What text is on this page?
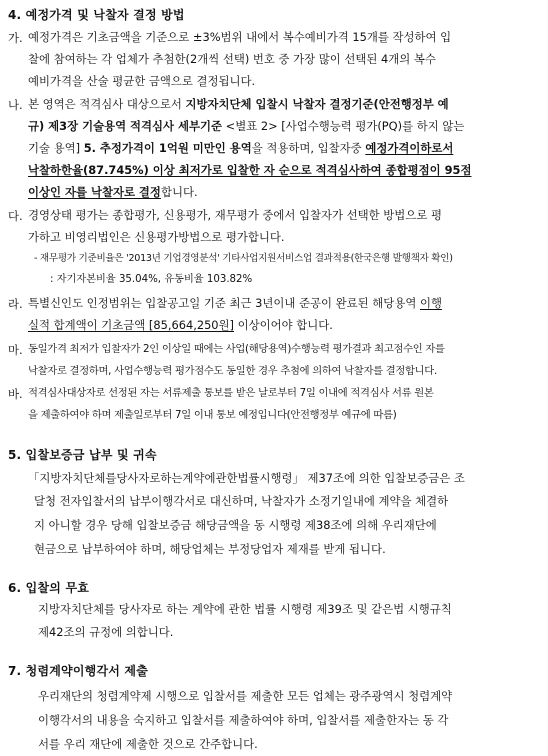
4. 예정가격 및 낙찰자 결정 방법
가. 예정가격은 기초금액을 기준으로 ±3%범위 내에서 복수예비가격 15개를 작성하여 입
찰에 참여하는 각 업체가 추첨한(2개씩 선택) 번호 중 가장 많이 선택된 4개의 복수
예비가격을 산술 평균한 금액으로 결정됩니다.
나. 본 영역은 적격심사 대상으로서 지방자치단체 입찰시 낙찰자 결정기준(안전행정부 예
규) 제3장 기술용역 적격심사 세부기준 <별표 2> [사업수행능력 평가(PQ)를 하지 않는
기술 용역] 5. 추정가격이 1억원 미만인 용역을 적용하며, 입찰자중 예정가격이하로서
낙찰하한율(87.745%) 이상 최저가로 입찰한 자 순으로 적격심사하여 종합평점이 95점
이상인 자를 낙찰자로 결정합니다.
다. 경영상태 평가는 종합평가, 신용평가, 재무평가 중에서 입찰자가 선택한 방법으로 평
가하고 비영리법인은 신용평가방법으로 평가합니다.
- 재무평가 기준비율은 '2013년 기업경영분석' 기타사업지원서비스업 결과적용(한국은행 발행책자 확인)
: 자기자본비율 35.04%, 유동비율 103.82%
라. 특별신인도 인정범위는 입찰공고일 기준 최근 3년이내 준공이 완료된 해당용역 이행
실적 합계액이 기초금액 [85,664,250원] 이상이어야 합니다.
마. 동일가격 최저가 입찰자가 2인 이상일 때에는 사업(해당용역)수행능력 평가결과 최고점수인 자를
낙찰자로 결정하며, 사업수행능력 평가점수도 동일한 경우 추첨에 의하여 낙찰자를 결정합니다.
바. 적격심사대상자로 선정된 자는 서류제출 통보를 받은 날로부터 7일 이내에 적격심사 서류 원본
을 제출하여야 하며 제출일로부터 7일 이내 통보 예정입니다(안전행정부 예규에 따름)
5. 입찰보증금 납부 및 귀속
「지방자치단체를당사자로하는계약에관한법률시행령」 제37조에 의한 입찰보증금은 조
달청 전자입찰서의 납부이행각서로 대신하며, 낙찰자가 소정기일내에 계약을 체결하
지 아니할 경우 당해 입찰보증금 해당금액을 동 시행령 제38조에 의해 우리재단에
현금으로 납부하여야 하며, 해당업체는 부정당업자 제재를 받게 됩니다.
6. 입찰의 무효
지방자치단체를 당사자로 하는 계약에 관한 법률 시행령 제39조 및 같은법 시행규칙
제42조의 규정에 의합니다.
7. 청렴계약이행각서 제출
우리재단의 청렴계약제 시행으로 입찰서를 제출한 모든 업체는 광주광역시 청렴계약
이행각서의 내용을 숙지하고 입찰서를 제출하여야 하며, 입찰서를 제출한자는 동 각
서를 우리 재단에 제출한 것으로 간주합니다.
